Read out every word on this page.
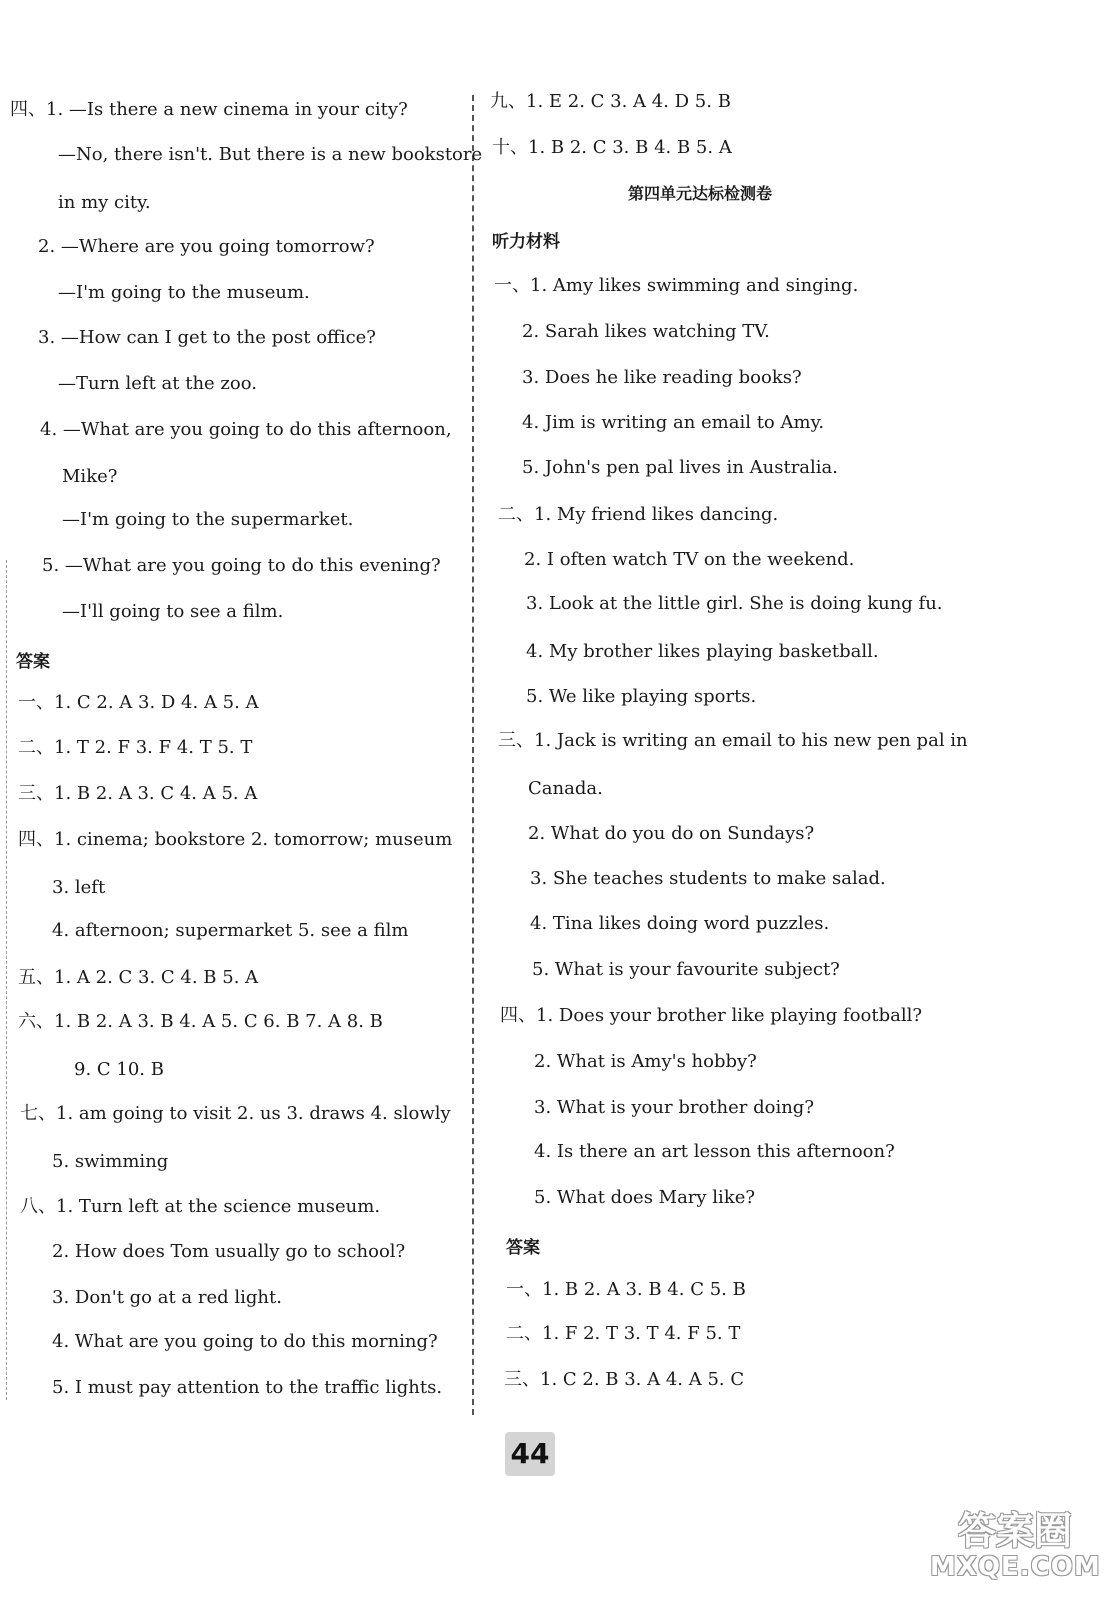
四、1. —Is there a new cinema in your city?
—No, there isn't. But there is a new bookstore
in my city.
2. —Where are you going tomorrow?
—I'm going to the museum.
3. —How can I get to the post office?
—Turn left at the zoo.
4. —What are you going to do this afternoon,
Mike?
—I'm going to the supermarket.
5. —What are you going to do this evening?
—I'll going to see a film.
答案
一、1. C 2. A 3. D 4. A 5. A
二、1. T 2. F 3. F 4. T 5. T
三、1. B 2. A 3. C 4. A 5. A
四、1. cinema; bookstore 2. tomorrow; museum
3. left
4. afternoon; supermarket 5. see a film
五、1. A 2. C 3. C 4. B 5. A
六、1. B 2. A 3. B 4. A 5. C 6. B 7. A 8. B
9. C 10. B
七、1. am going to visit 2. us 3. draws 4. slowly
5. swimming
八、1. Turn left at the science museum.
2. How does Tom usually go to school?
3. Don't go at a red light.
4. What are you going to do this morning?
5. I must pay attention to the traffic lights.
九、1. E 2. C 3. A 4. D 5. B
十、1. B 2. C 3. B 4. B 5. A
第四单元达标检测卷
听力材料
一、1. Amy likes swimming and singing.
2. Sarah likes watching TV.
3. Does he like reading books?
4. Jim is writing an email to Amy.
5. John's pen pal lives in Australia.
二、1. My friend likes dancing.
2. I often watch TV on the weekend.
3. Look at the little girl. She is doing kung fu.
4. My brother likes playing basketball.
5. We like playing sports.
三、1. Jack is writing an email to his new pen pal in
Canada.
2. What do you do on Sundays?
3. She teaches students to make salad.
4. Tina likes doing word puzzles.
5. What is your favourite subject?
四、1. Does your brother like playing football?
2. What is Amy's hobby?
3. What is your brother doing?
4. Is there an art lesson this afternoon?
5. What does Mary like?
答案
一、1. B 2. A 3. B 4. C 5. B
二、1. F 2. T 3. T 4. F 5. T
三、1. C 2. B 3. A 4. A 5. C
44
答案圈
MXQE.COM
